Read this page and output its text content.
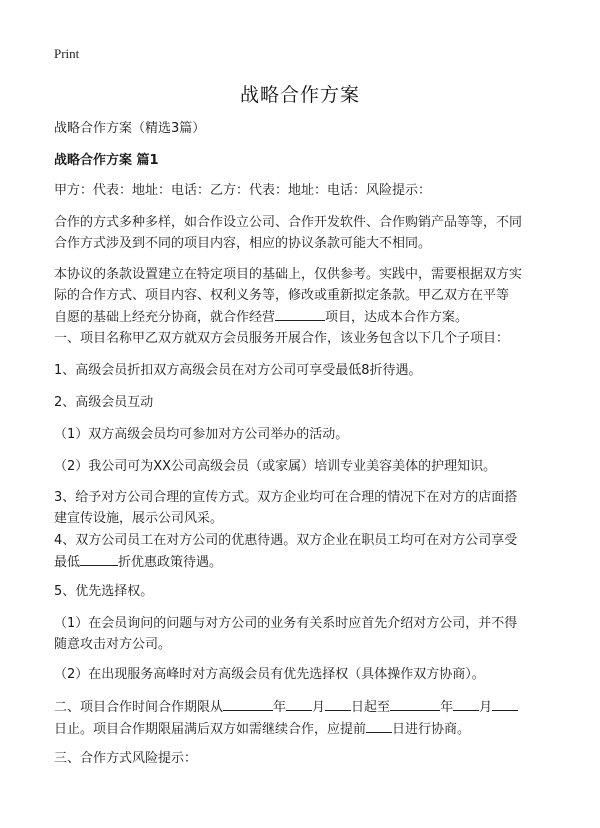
Print
战略合作方案
战略合作方案（精选3篇）
战略合作方案 篇1
甲方：代表：地址：电话：乙方：代表：地址：电话：风险提示：
合作的方式多种多样，如合作设立公司、合作开发软件、合作购销产品等等，不同
合作方式涉及到不同的项目内容，相应的协议条款可能大不相同。
本协议的条款设置建立在特定项目的基础上，仅供参考。实践中，需要根据双方实
际的合作方式、项目内容、权利义务等，修改或重新拟定条款。甲乙双方在平等
自愿的基础上经充分协商，就合作经营	项目，达成本合作方案。
一、项目名称甲乙双方就双方会员服务开展合作，该业务包含以下几个子项目：
1、高级会员折扣双方高级会员在对方公司可享受最低8折待遇。
2、高级会员互动
（1）双方高级会员均可参加对方公司举办的活动。
（2）我公司可为XX公司高级会员（或家属）培训专业美容美体的护理知识。
3、给予对方公司合理的宣传方式。双方企业均可在合理的情况下在对方的店面搭
建宣传设施，展示公司风采。
4、双方公司员工在对方公司的优惠待遇。双方企业在职员工均可在对方公司享受
最低	折优惠政策待遇。
5、优先选择权。
（1）在会员询问的问题与对方公司的业务有关系时应首先介绍对方公司，并不得
随意攻击对方公司。
（2）在出现服务高峰时对方高级会员有优先选择权（具体操作双方协商）。
二、项目合作时间合作期限从	年 月 日起至	年 月
日止。项目合作期限届满后双方如需继续合作，应提前 日进行协商。
三、合作方式风险提示：
